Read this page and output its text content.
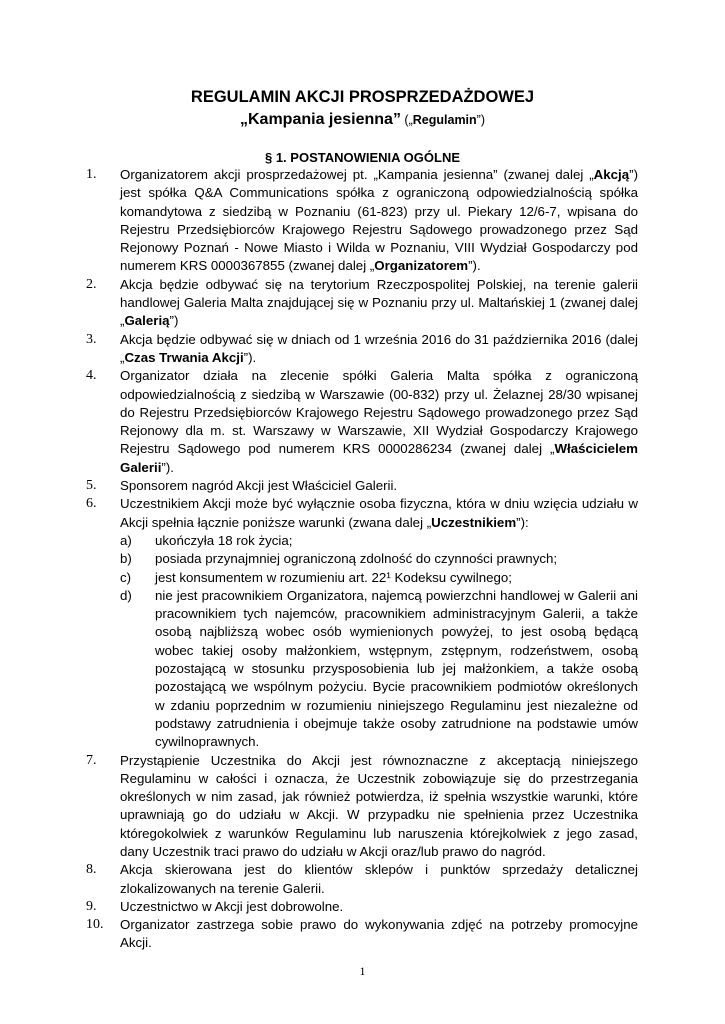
REGULAMIN AKCJI PROSPRZEDAŻDOWEJ
„Kampania jesienna” („Regulamin”)
§ 1. POSTANOWIENIA OGÓLNE
1. Organizatorem akcji prosprzedażowej pt. „Kampania jesienna” (zwanej dalej „Akcją”) jest spółka Q&A Communications spółka z ograniczoną odpowiedzialnością spółka komandytowa z siedzibą w Poznaniu (61-823) przy ul. Piekary 12/6-7, wpisana do Rejestru Przedsiębiorców Krajowego Rejestru Sądowego prowadzonego przez Sąd Rejonowy Poznań - Nowe Miasto i Wilda w Poznaniu, VIII Wydział Gospodarczy pod numerem KRS 0000367855 (zwanej dalej „Organizatorem”).
2. Akcja będzie odbywać się na terytorium Rzeczpospolitej Polskiej, na terenie galerii handlowej Galeria Malta znajdującej się w Poznaniu przy ul. Maltańskiej 1 (zwanej dalej „Galerią”)
3. Akcja będzie odbywać się w dniach od 1 września 2016 do 31 października 2016 (dalej „Czas Trwania Akcji”).
4. Organizator działa na zlecenie spółki Galeria Malta spółka z ograniczoną odpowiedzialnością z siedzibą w Warszawie (00-832) przy ul. Żelaznej 28/30 wpisanej do Rejestru Przedsiębiorców Krajowego Rejestru Sądowego prowadzonego przez Sąd Rejonowy dla m. st. Warszawy w Warszawie, XII Wydział Gospodarczy Krajowego Rejestru Sądowego pod numerem KRS 0000286234 (zwanej dalej „Właścicielem Galerii”).
5. Sponsorem nagród Akcji jest Właściciel Galerii.
6. Uczestnikiem Akcji może być wyłącznie osoba fizyczna, która w dniu wzięcia udziału w Akcji spełnia łącznie poniższe warunki (zwana dalej „Uczestnikiem”):
a) ukończyła 18 rok życia;
b) posiada przynajmniej ograniczoną zdolność do czynności prawnych;
c) jest konsumentem w rozumieniu art. 22¹ Kodeksu cywilnego;
d) nie jest pracownikiem Organizatora, najemcą powierzchni handlowej w Galerii ani pracownikiem tych najemców, pracownikiem administracyjnym Galerii, a także osobą najbliższą wobec osób wymienionych powyżej, to jest osobą będącą wobec takiej osoby małżonkiem, wstępnym, zstępnym, rodzeństwem, osobą pozostającą w stosunku przysposobienia lub jej małżonkiem, a także osobą pozostającą we wspólnym pożyciu. Bycie pracownikiem podmiotów określonych w zdaniu poprzednim w rozumieniu niniejszego Regulaminu jest niezależne od podstawy zatrudnienia i obejmuje także osoby zatrudnione na podstawie umów cywilnoprawnych.
7. Przystąpienie Uczestnika do Akcji jest równoznaczne z akceptacją niniejszego Regulaminu w całości i oznacza, że Uczestnik zobowiązuje się do przestrzegania określonych w nim zasad, jak również potwierdza, iż spełnia wszystkie warunki, które uprawniają go do udziału w Akcji. W przypadku nie spełnienia przez Uczestnika któregokolwiek z warunków Regulaminu lub naruszenia którejkolwiek z jego zasad, dany Uczestnik traci prawo do udziału w Akcji oraz/lub prawo do nagród.
8. Akcja skierowana jest do klientów sklepów i punktów sprzedaży detalicznej zlokalizowanych na terenie Galerii.
9. Uczestnictwo w Akcji jest dobrowolne.
10. Organizator zastrzega sobie prawo do wykonywania zdjęć na potrzeby promocyjne Akcji.
1
